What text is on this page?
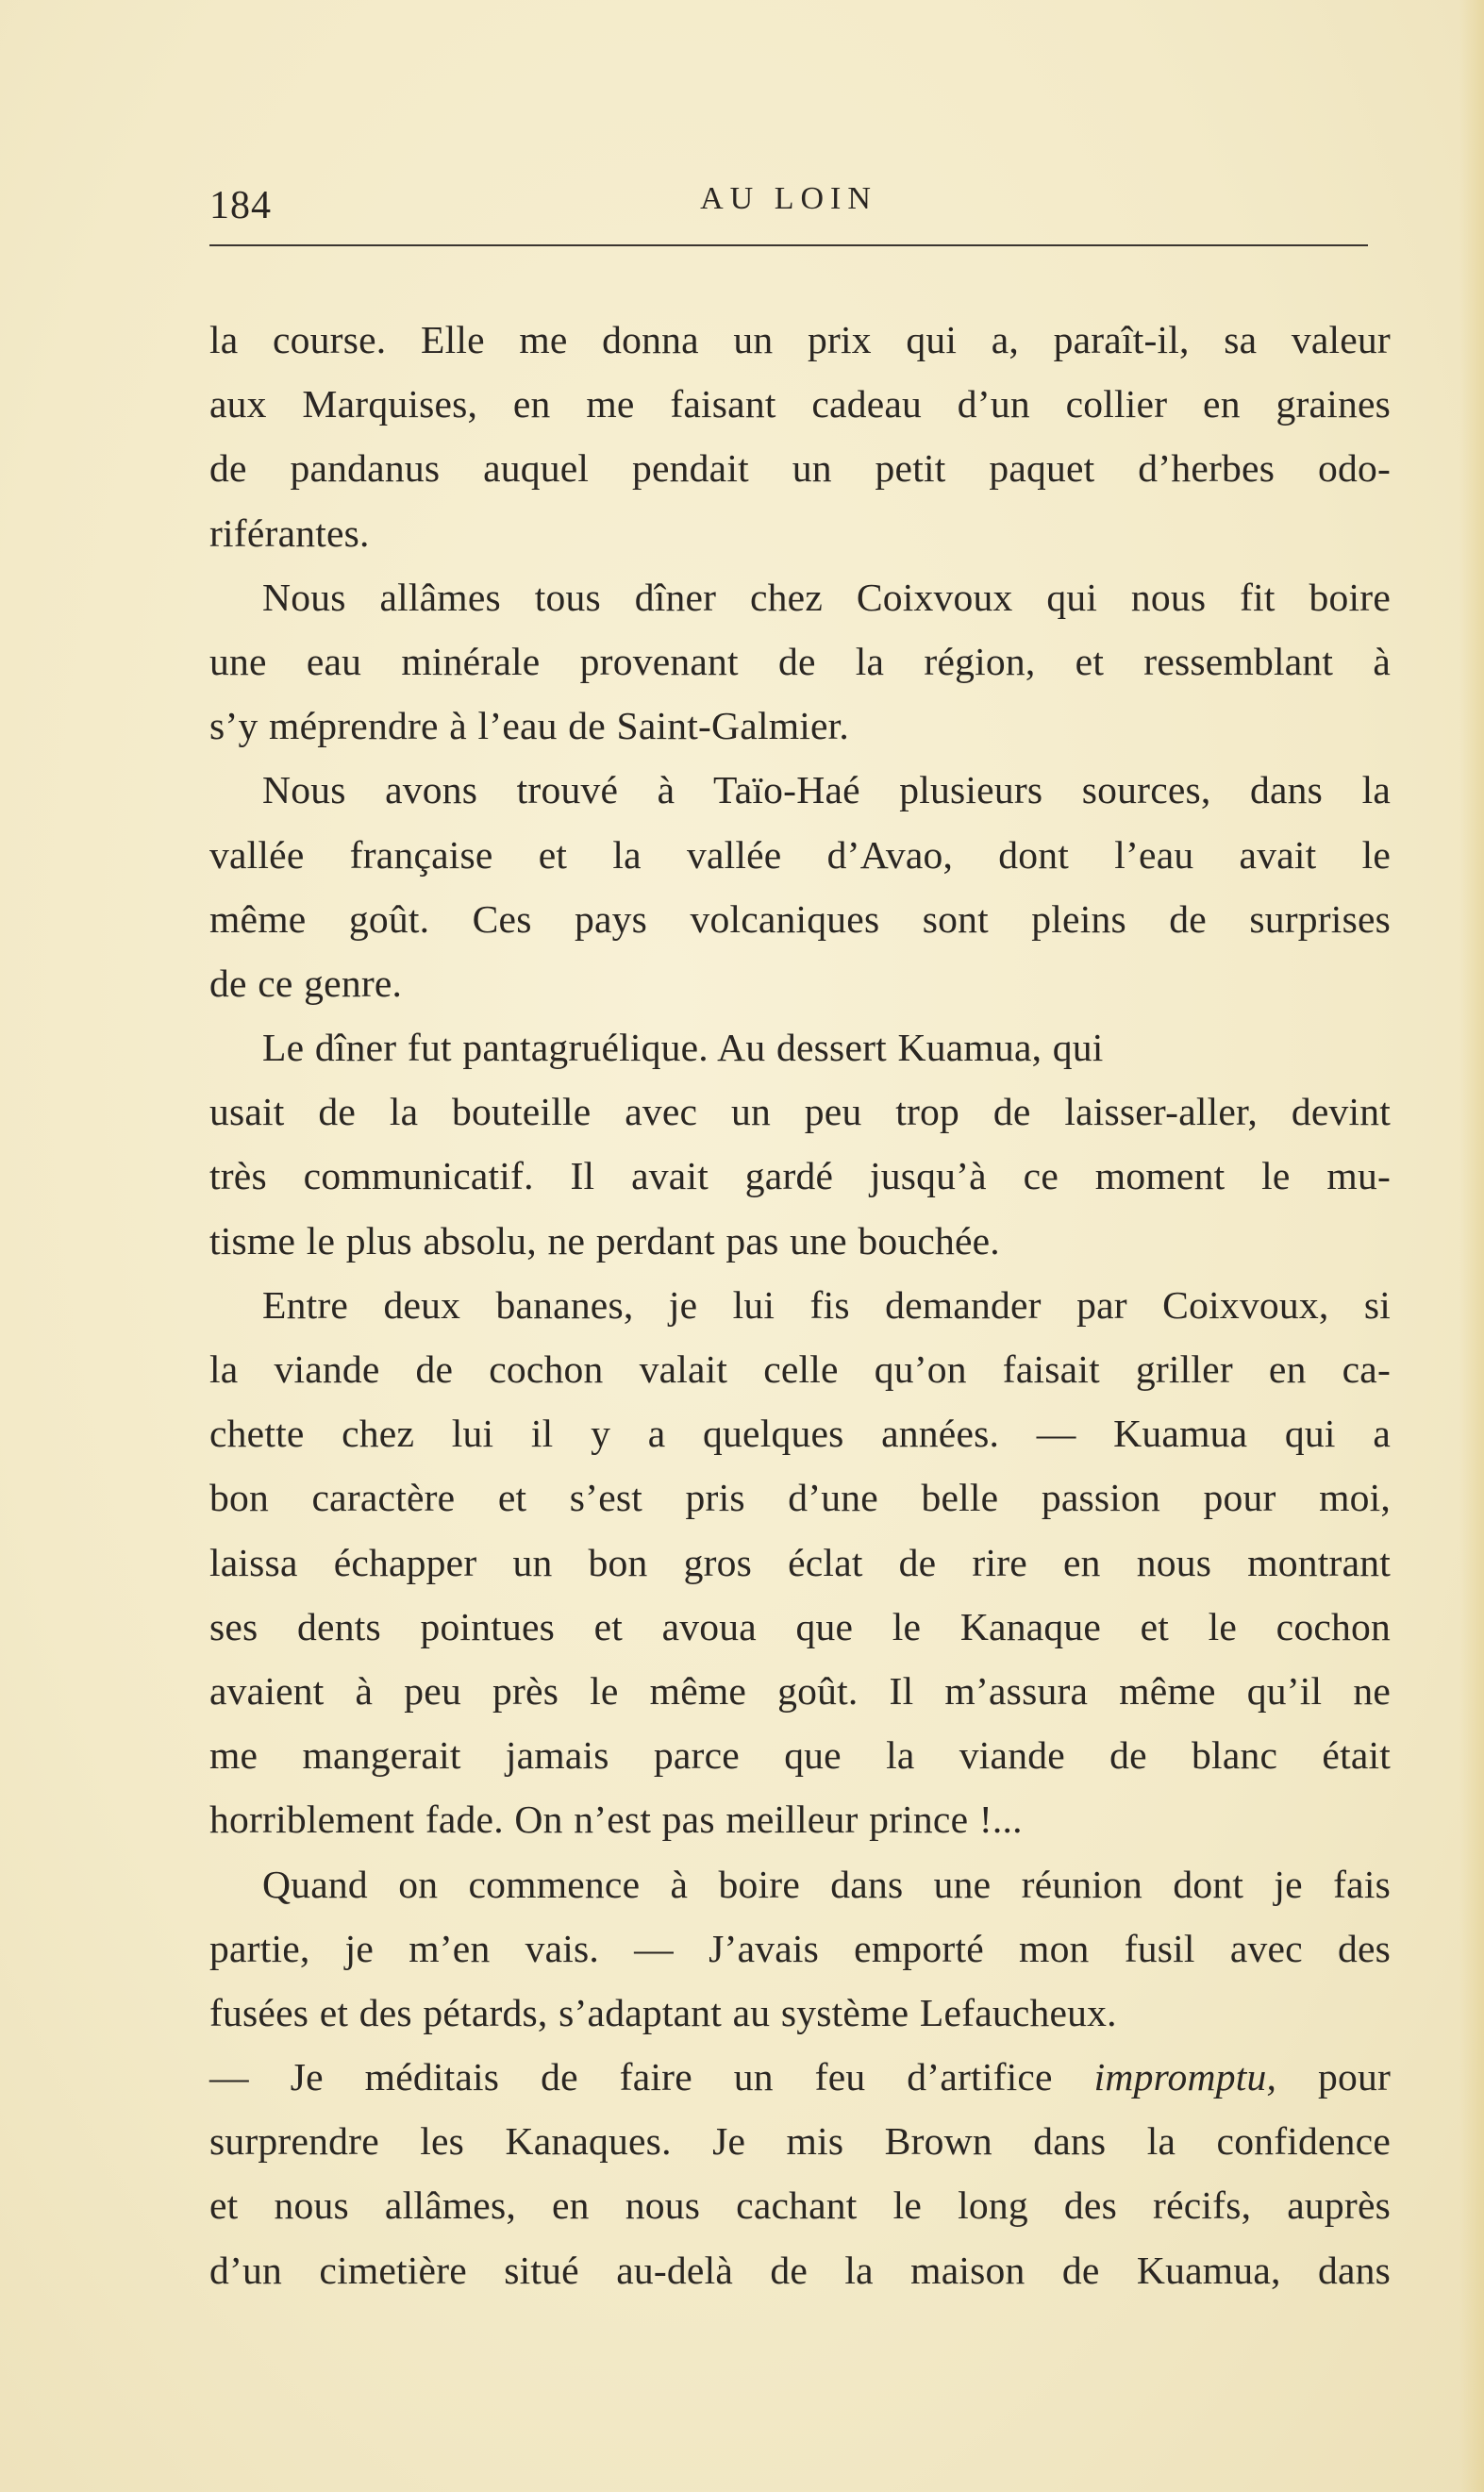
184	AU LOIN
la course. Elle me donna un prix qui a, paraît-il, sa valeur
aux Marquises, en me faisant cadeau d’un collier en graines
de pandanus auquel pendait un petit paquet d’herbes odo-
riférantes.
Nous allâmes tous dîner chez Coixvoux qui nous fit boire
une eau minérale provenant de la région, et ressemblant à
s’y méprendre à l’eau de Saint-Galmier.
Nous avons trouvé à Taïo-Haé plusieurs sources, dans la
vallée française et la vallée d’Avao, dont l’eau avait le
même goût. Ces pays volcaniques sont pleins de surprises
de ce genre.
Le dîner fut pantagruélique. Au dessert Kuamua, qui
usait de la bouteille avec un peu trop de laisser-aller, devint
très communicatif. Il avait gardé jusqu’à ce moment le mu-
tisme le plus absolu, ne perdant pas une bouchée.
Entre deux bananes, je lui fis demander par Coixvoux, si
la viande de cochon valait celle qu’on faisait griller en ca-
chette chez lui il y a quelques années. — Kuamua qui a
bon caractère et s’est pris d’une belle passion pour moi,
laissa échapper un bon gros éclat de rire en nous montrant
ses dents pointues et avoua que le Kanaque et le cochon
avaient à peu près le même goût. Il m’assura même qu’il ne
me mangerait jamais parce que la viande de blanc était
horriblement fade. On n’est pas meilleur prince !...
Quand on commence à boire dans une réunion dont je fais
partie, je m’en vais. — J’avais emporté mon fusil avec des
fusées et des pétards, s’adaptant au système Lefaucheux.
— Je méditais de faire un feu d’artifice impromptu, pour
surprendre les Kanaques. Je mis Brown dans la confidence
et nous allâmes, en nous cachant le long des récifs, auprès
d’un cimetière situé au-delà de la maison de Kuamua, dans
